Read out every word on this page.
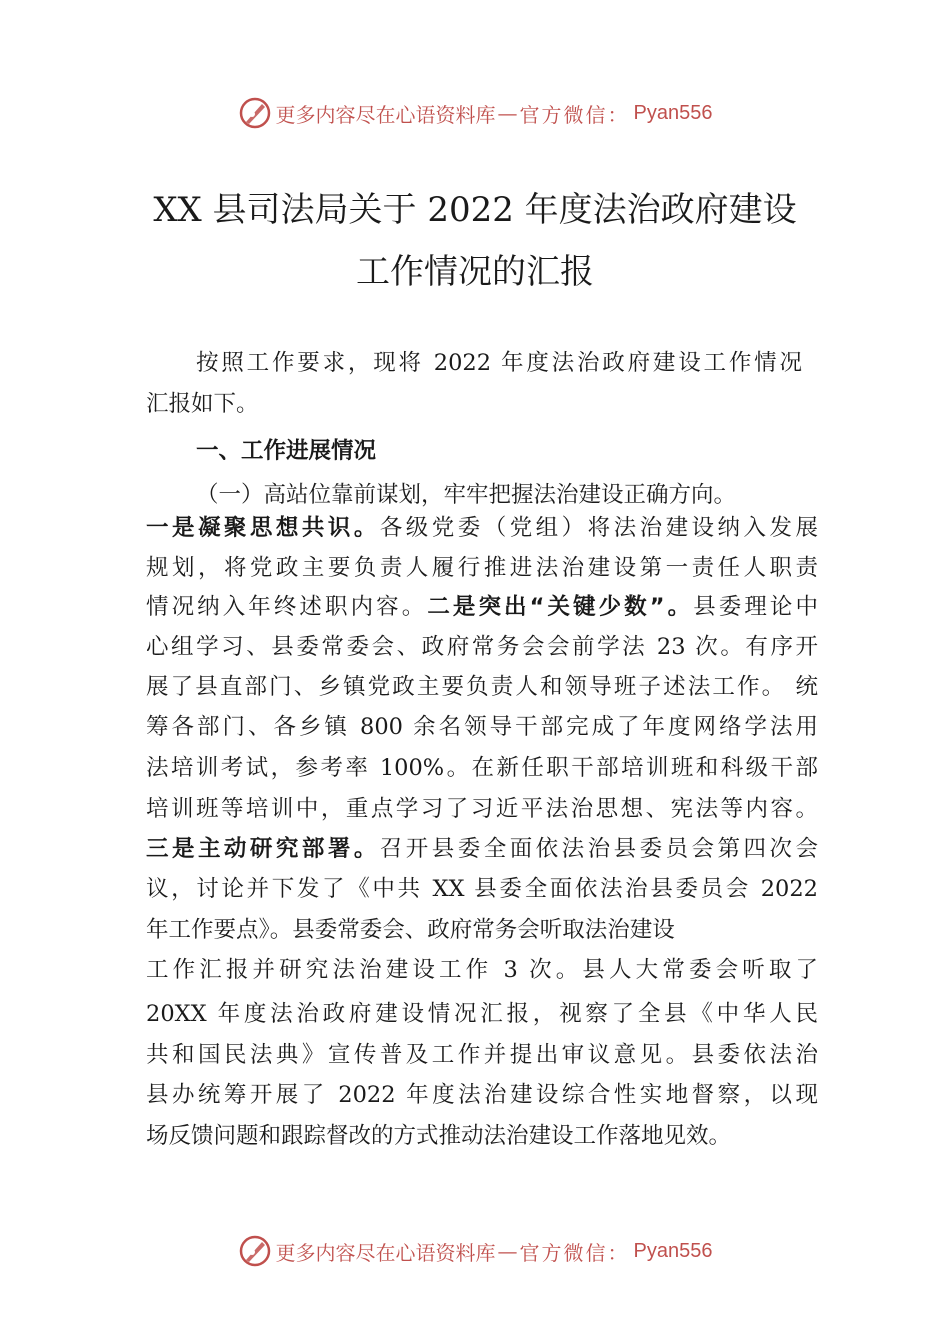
更多内容尽在心语资料库 — 官方微信： Pyan556
XX 县司法局关于 2022 年度法治政府建设
工作情况的汇报
按照工作要求，现将 2022 年度法治政府建设工作情况
汇报如下。
一、工作进展情况
（一）高站位靠前谋划，牢牢把握法治建设正确方向。
一是凝聚思想共识。各级党委（党组）将法治建设纳入发展
规划，将党政主要负责人履行推进法治建设第一责任人职责
情况纳入年终述职内容。二是突出“关键少数”。县委理论中
心组学习、县委常委会、政府常务会会前学法 23 次。有序开
展了县直部门、乡镇党政主要负责人和领导班子述法工作。 统
筹各部门、各乡镇 800 余名领导干部完成了年度网络学法用
法培训考试，参考率 100%。在新任职干部培训班和科级干部
培训班等培训中，重点学习了习近平法治思想、宪法等内容。
三是主动研究部署。召开县委全面依法治县委员会第四次会
议，讨论并下发了《中共 XX 县委全面依法治县委员会 2022
年工作要点》。县委常委会、政府常务会听取法治建设
工作汇报并研究法治建设工作 3 次。县人大常委会听取了
20XX 年度法治政府建设情况汇报，视察了全县《中华人民
共和国民法典》宣传普及工作并提出审议意见。县委依法治
县办统筹开展了 2022 年度法治建设综合性实地督察，以现
场反馈问题和跟踪督改的方式推动法治建设工作落地见效。
更多内容尽在心语资料库 — 官方微信： Pyan556
